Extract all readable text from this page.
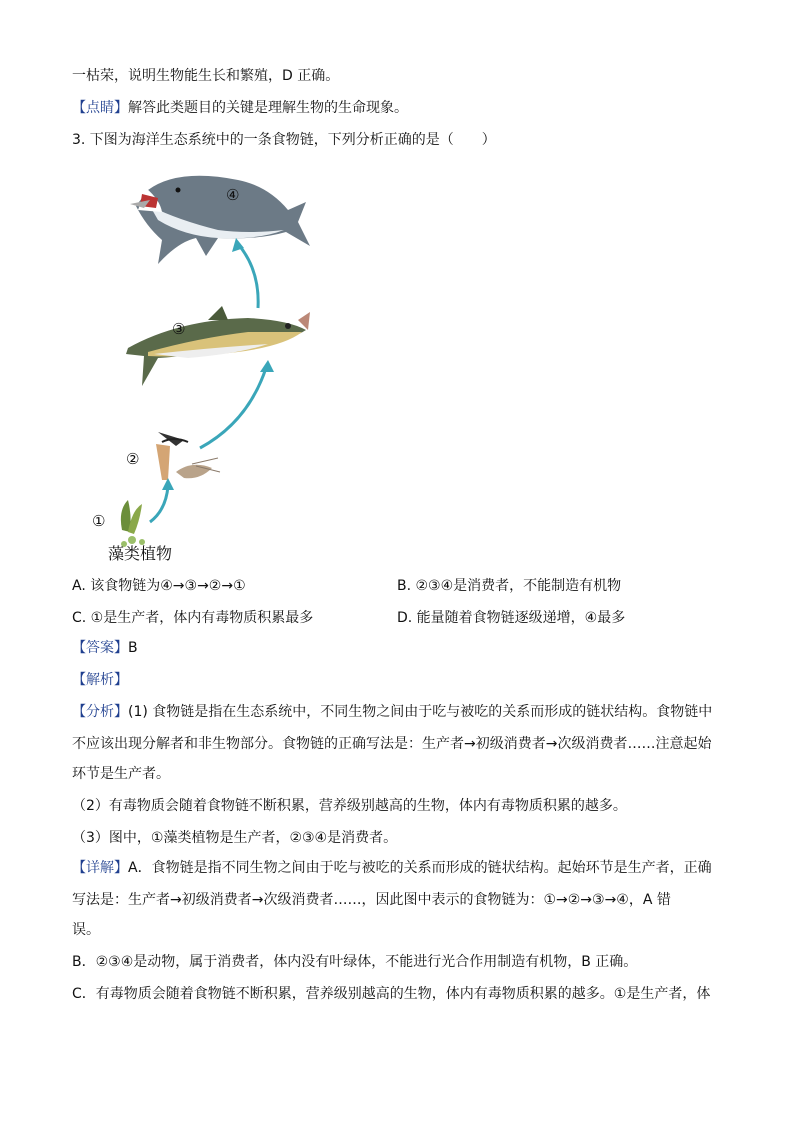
一枯荣，说明生物能生长和繁殖，D 正确。
【点睛】解答此类题目的关键是理解生物的生命现象。
3. 下图为海洋生态系统中的一条食物链，下列分析正确的是（　　）
④
③
②
①
藻类植物
A. 该食物链为④→③→②→①	B. ②③④是消费者，不能制造有机物
C. ①是生产者，体内有毒物质积累最多	D. 能量随着食物链逐级递增，④最多
【答案】B
【解析】
【分析】(1) 食物链是指在生态系统中，不同生物之间由于吃与被吃的关系而形成的链状结构。食物链中
不应该出现分解者和非生物部分。食物链的正确写法是：生产者→初级消费者→次级消费者……注意起始
环节是生产者。
（2）有毒物质会随着食物链不断积累，营养级别越高的生物，体内有毒物质积累的越多。
（3）图中，①藻类植物是生产者，②③④是消费者。
【详解】A．食物链是指不同生物之间由于吃与被吃的关系而形成的链状结构。起始环节是生产者，正确
写法是：生产者→初级消费者→次级消费者……，因此图中表示的食物链为：①→②→③→④，A 错
误。
B．②③④是动物，属于消费者，体内没有叶绿体，不能进行光合作用制造有机物，B 正确。
C．有毒物质会随着食物链不断积累，营养级别越高的生物，体内有毒物质积累的越多。①是生产者，体
